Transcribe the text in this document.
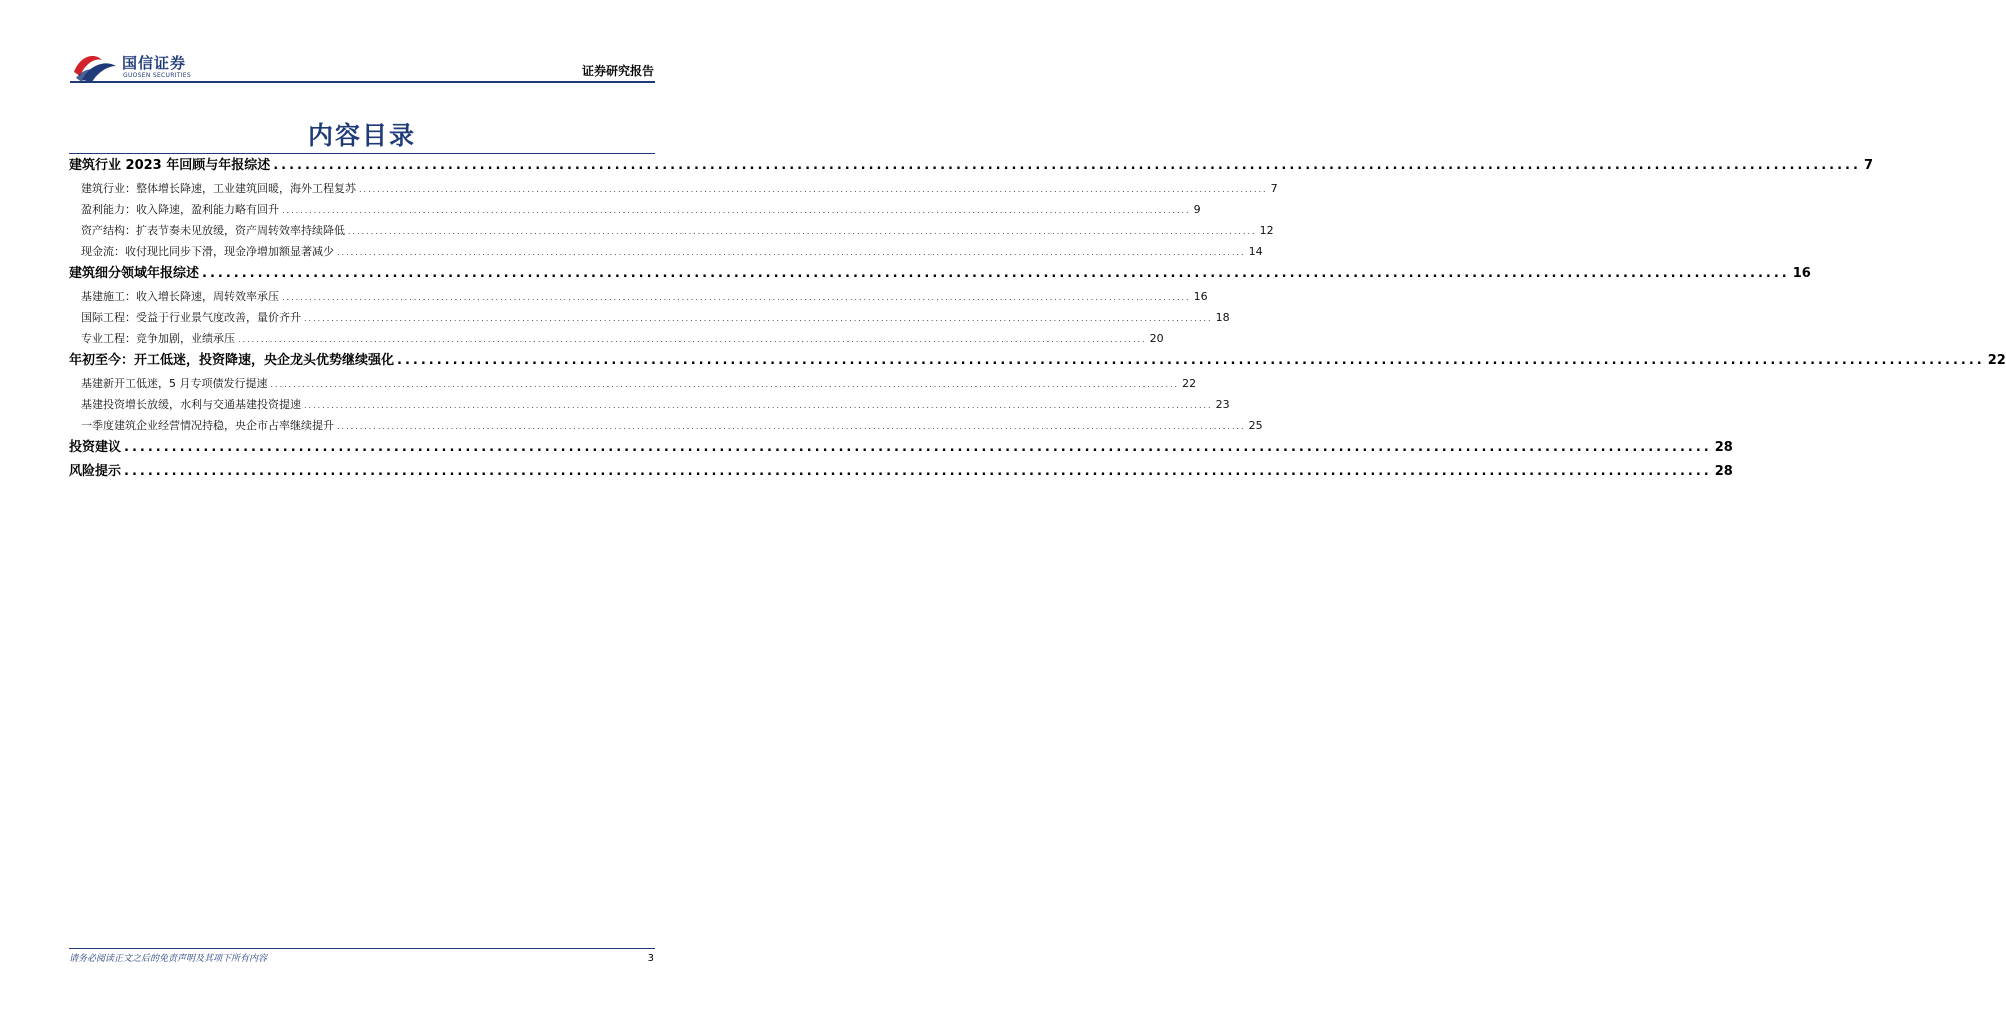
国信证券
GUOSEN SECURITIES	证券研究报告
内容目录
建筑行业 2023 年回顾与年报综述 ........................................................................................................................................................................................................ 7
建筑行业：整体增长降速，工业建筑回暖，海外工程复苏 ........................................................................................................................................................................................................ 7
盈利能力：收入降速，盈利能力略有回升 ........................................................................................................................................................................................................ 9
资产结构：扩表节奏未见放缓，资产周转效率持续降低 ........................................................................................................................................................................................................ 12
现金流：收付现比同步下滑，现金净增加额显著减少 ........................................................................................................................................................................................................ 14
建筑细分领域年报综述 ........................................................................................................................................................................................................ 16
基建施工：收入增长降速，周转效率承压 ........................................................................................................................................................................................................ 16
国际工程：受益于行业景气度改善，量价齐升 ........................................................................................................................................................................................................ 18
专业工程：竞争加剧，业绩承压 ........................................................................................................................................................................................................ 20
年初至今：开工低迷，投资降速，央企龙头优势继续强化 ........................................................................................................................................................................................................ 22
基建新开工低迷，5 月专项债发行提速 ........................................................................................................................................................................................................ 22
基建投资增长放缓，水利与交通基建投资提速 ........................................................................................................................................................................................................ 23
一季度建筑企业经营情况持稳，央企市占率继续提升 ........................................................................................................................................................................................................ 25
投资建议 ........................................................................................................................................................................................................ 28
风险提示 ........................................................................................................................................................................................................ 28
请务必阅读正文之后的免责声明及其项下所有内容	3
